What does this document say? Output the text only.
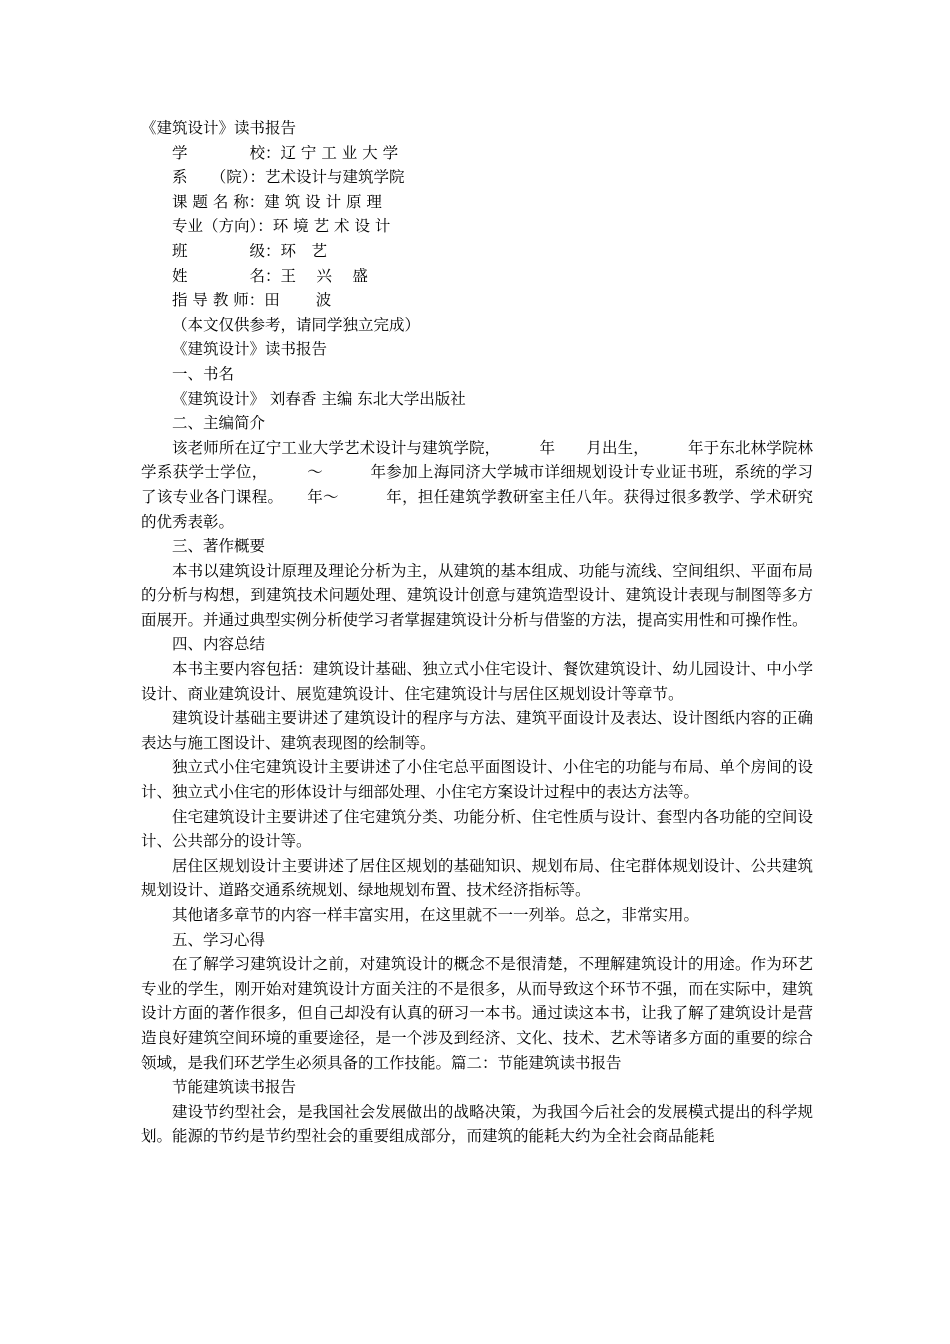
《建筑设计》读书报告

学　　　　校：辽 宁 工 业 大 学

系　　（院）：艺术设计与建筑学院

课 题 名 称：建 筑 设 计 原 理

专业（方向）：环 境 艺 术 设 计

班　　　　级：环　艺

姓　　　　名：王　 兴　 盛

指 导 教 师：田　　 波

（本文仅供参考，请同学独立完成）

《建筑设计》读书报告

一、书名

《建筑设计》 刘春香 主编 东北大学出版社

二、主编简介

该老师所在辽宁工业大学艺术设计与建筑学院，　　　年　　月出生，　　　年于东北林学院林学系获学士学位，　　　～　　　年参加上海同济大学城市详细规划设计专业证书班，系统的学习了该专业各门课程。　　年～　　　年，担任建筑学教研室主任八年。获得过很多教学、学术研究的优秀表彰。

三、著作概要

本书以建筑设计原理及理论分析为主，从建筑的基本组成、功能与流线、空间组织、平面布局的分析与构想，到建筑技术问题处理、建筑设计创意与建筑造型设计、建筑设计表现与制图等多方面展开。并通过典型实例分析使学习者掌握建筑设计分析与借鉴的方法，提高实用性和可操作性。

四、内容总结

本书主要内容包括：建筑设计基础、独立式小住宅设计、餐饮建筑设计、幼儿园设计、中小学设计、商业建筑设计、展览建筑设计、住宅建筑设计与居住区规划设计等章节。

建筑设计基础主要讲述了建筑设计的程序与方法、建筑平面设计及表达、设计图纸内容的正确表达与施工图设计、建筑表现图的绘制等。

独立式小住宅建筑设计主要讲述了小住宅总平面图设计、小住宅的功能与布局、单个房间的设计、独立式小住宅的形体设计与细部处理、小住宅方案设计过程中的表达方法等。

住宅建筑设计主要讲述了住宅建筑分类、功能分析、住宅性质与设计、套型内各功能的空间设计、公共部分的设计等。

居住区规划设计主要讲述了居住区规划的基础知识、规划布局、住宅群体规划设计、公共建筑规划设计、道路交通系统规划、绿地规划布置、技术经济指标等。

其他诸多章节的内容一样丰富实用，在这里就不一一列举。总之，非常实用。

五、学习心得

在了解学习建筑设计之前，对建筑设计的概念不是很清楚，不理解建筑设计的用途。作为环艺专业的学生，刚开始对建筑设计方面关注的不是很多，从而导致这个环节不强，而在实际中，建筑设计方面的著作很多，但自己却没有认真的研习一本书。通过读这本书，让我了解了建筑设计是营造良好建筑空间环境的重要途径，是一个涉及到经济、文化、技术、艺术等诸多方面的重要的综合领域，是我们环艺学生必须具备的工作技能。篇二：节能建筑读书报告

节能建筑读书报告

建设节约型社会，是我国社会发展做出的战略决策，为我国今后社会的发展模式提出的科学规划。能源的节约是节约型社会的重要组成部分，而建筑的能耗大约为全社会商品能耗
